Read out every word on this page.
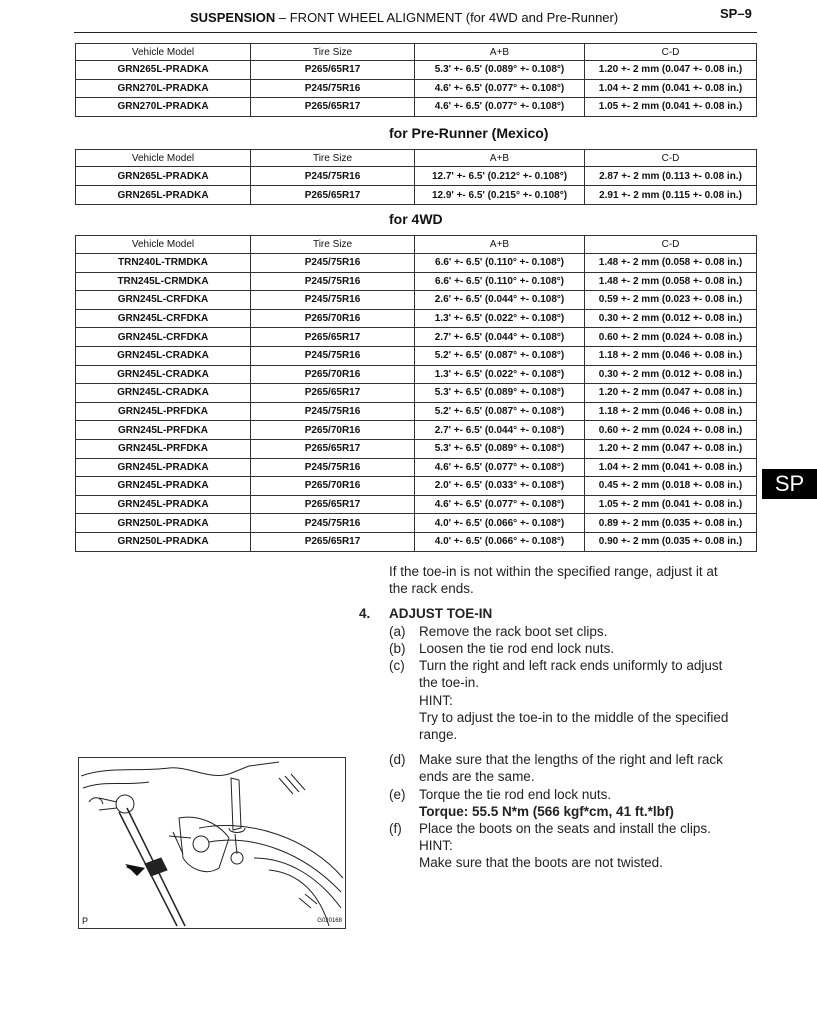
SUSPENSION – FRONT WHEEL ALIGNMENT (for 4WD and Pre-Runner)	SP–9
Vehicle Model	Tire Size	A+B	C-D
GRN265L-PRADKA	P265/65R17	5.3' +- 6.5' (0.089° +- 0.108°)	1.20 +- 2 mm (0.047 +- 0.08 in.)
GRN270L-PRADKA	P245/75R16	4.6' +- 6.5' (0.077° +- 0.108°)	1.04 +- 2 mm (0.041 +- 0.08 in.)
GRN270L-PRADKA	P265/65R17	4.6' +- 6.5' (0.077° +- 0.108°)	1.05 +- 2 mm (0.041 +- 0.08 in.)
for Pre-Runner (Mexico)
Vehicle Model	Tire Size	A+B	C-D
GRN265L-PRADKA	P245/75R16	12.7' +- 6.5' (0.212° +- 0.108°)	2.87 +- 2 mm (0.113 +- 0.08 in.)
GRN265L-PRADKA	P265/65R17	12.9' +- 6.5' (0.215° +- 0.108°)	2.91 +- 2 mm (0.115 +- 0.08 in.)
for 4WD
Vehicle Model	Tire Size	A+B	C-D
TRN240L-TRMDKA	P245/75R16	6.6' +- 6.5' (0.110° +- 0.108°)	1.48 +- 2 mm (0.058 +- 0.08 in.)
TRN245L-CRMDKA	P245/75R16	6.6' +- 6.5' (0.110° +- 0.108°)	1.48 +- 2 mm (0.058 +- 0.08 in.)
GRN245L-CRFDKA	P245/75R16	2.6' +- 6.5' (0.044° +- 0.108°)	0.59 +- 2 mm (0.023 +- 0.08 in.)
GRN245L-CRFDKA	P265/70R16	1.3' +- 6.5' (0.022° +- 0.108°)	0.30 +- 2 mm (0.012 +- 0.08 in.)
GRN245L-CRFDKA	P265/65R17	2.7' +- 6.5' (0.044° +- 0.108°)	0.60 +- 2 mm (0.024 +- 0.08 in.)
GRN245L-CRADKA	P245/75R16	5.2' +- 6.5' (0.087° +- 0.108°)	1.18 +- 2 mm (0.046 +- 0.08 in.)
GRN245L-CRADKA	P265/70R16	1.3' +- 6.5' (0.022° +- 0.108°)	0.30 +- 2 mm (0.012 +- 0.08 in.)
GRN245L-CRADKA	P265/65R17	5.3' +- 6.5' (0.089° +- 0.108°)	1.20 +- 2 mm (0.047 +- 0.08 in.)
GRN245L-PRFDKA	P245/75R16	5.2' +- 6.5' (0.087° +- 0.108°)	1.18 +- 2 mm (0.046 +- 0.08 in.)
GRN245L-PRFDKA	P265/70R16	2.7' +- 6.5' (0.044° +- 0.108°)	0.60 +- 2 mm (0.024 +- 0.08 in.)
GRN245L-PRFDKA	P265/65R17	5.3' +- 6.5' (0.089° +- 0.108°)	1.20 +- 2 mm (0.047 +- 0.08 in.)
GRN245L-PRADKA	P245/75R16	4.6' +- 6.5' (0.077° +- 0.108°)	1.04 +- 2 mm (0.041 +- 0.08 in.)
GRN245L-PRADKA	P265/70R16	2.0' +- 6.5' (0.033° +- 0.108°)	0.45 +- 2 mm (0.018 +- 0.08 in.)
GRN245L-PRADKA	P265/65R17	4.6' +- 6.5' (0.077° +- 0.108°)	1.05 +- 2 mm (0.041 +- 0.08 in.)
GRN250L-PRADKA	P245/75R16	4.0' +- 6.5' (0.066° +- 0.108°)	0.89 +- 2 mm (0.035 +- 0.08 in.)
GRN250L-PRADKA	P265/65R17	4.0' +- 6.5' (0.066° +- 0.108°)	0.90 +- 2 mm (0.035 +- 0.08 in.)
SP
If the toe-in is not within the specified range, adjust it at
the rack ends.
4. ADJUST TOE-IN
(a) Remove the rack boot set clips.
(b) Loosen the tie rod end lock nuts.
(c) Turn the right and left rack ends uniformly to adjust
the toe-in.
HINT:
Try to adjust the toe-in to the middle of the specified
range.
(d) Make sure that the lengths of the right and left rack
ends are the same.
(e) Torque the tie rod end lock nuts.
Torque: 55.5 N*m (566 kgf*cm, 41 ft.*lbf)
(f) Place the boots on the seats and install the clips.
HINT:
Make sure that the boots are not twisted.
P	G020168
